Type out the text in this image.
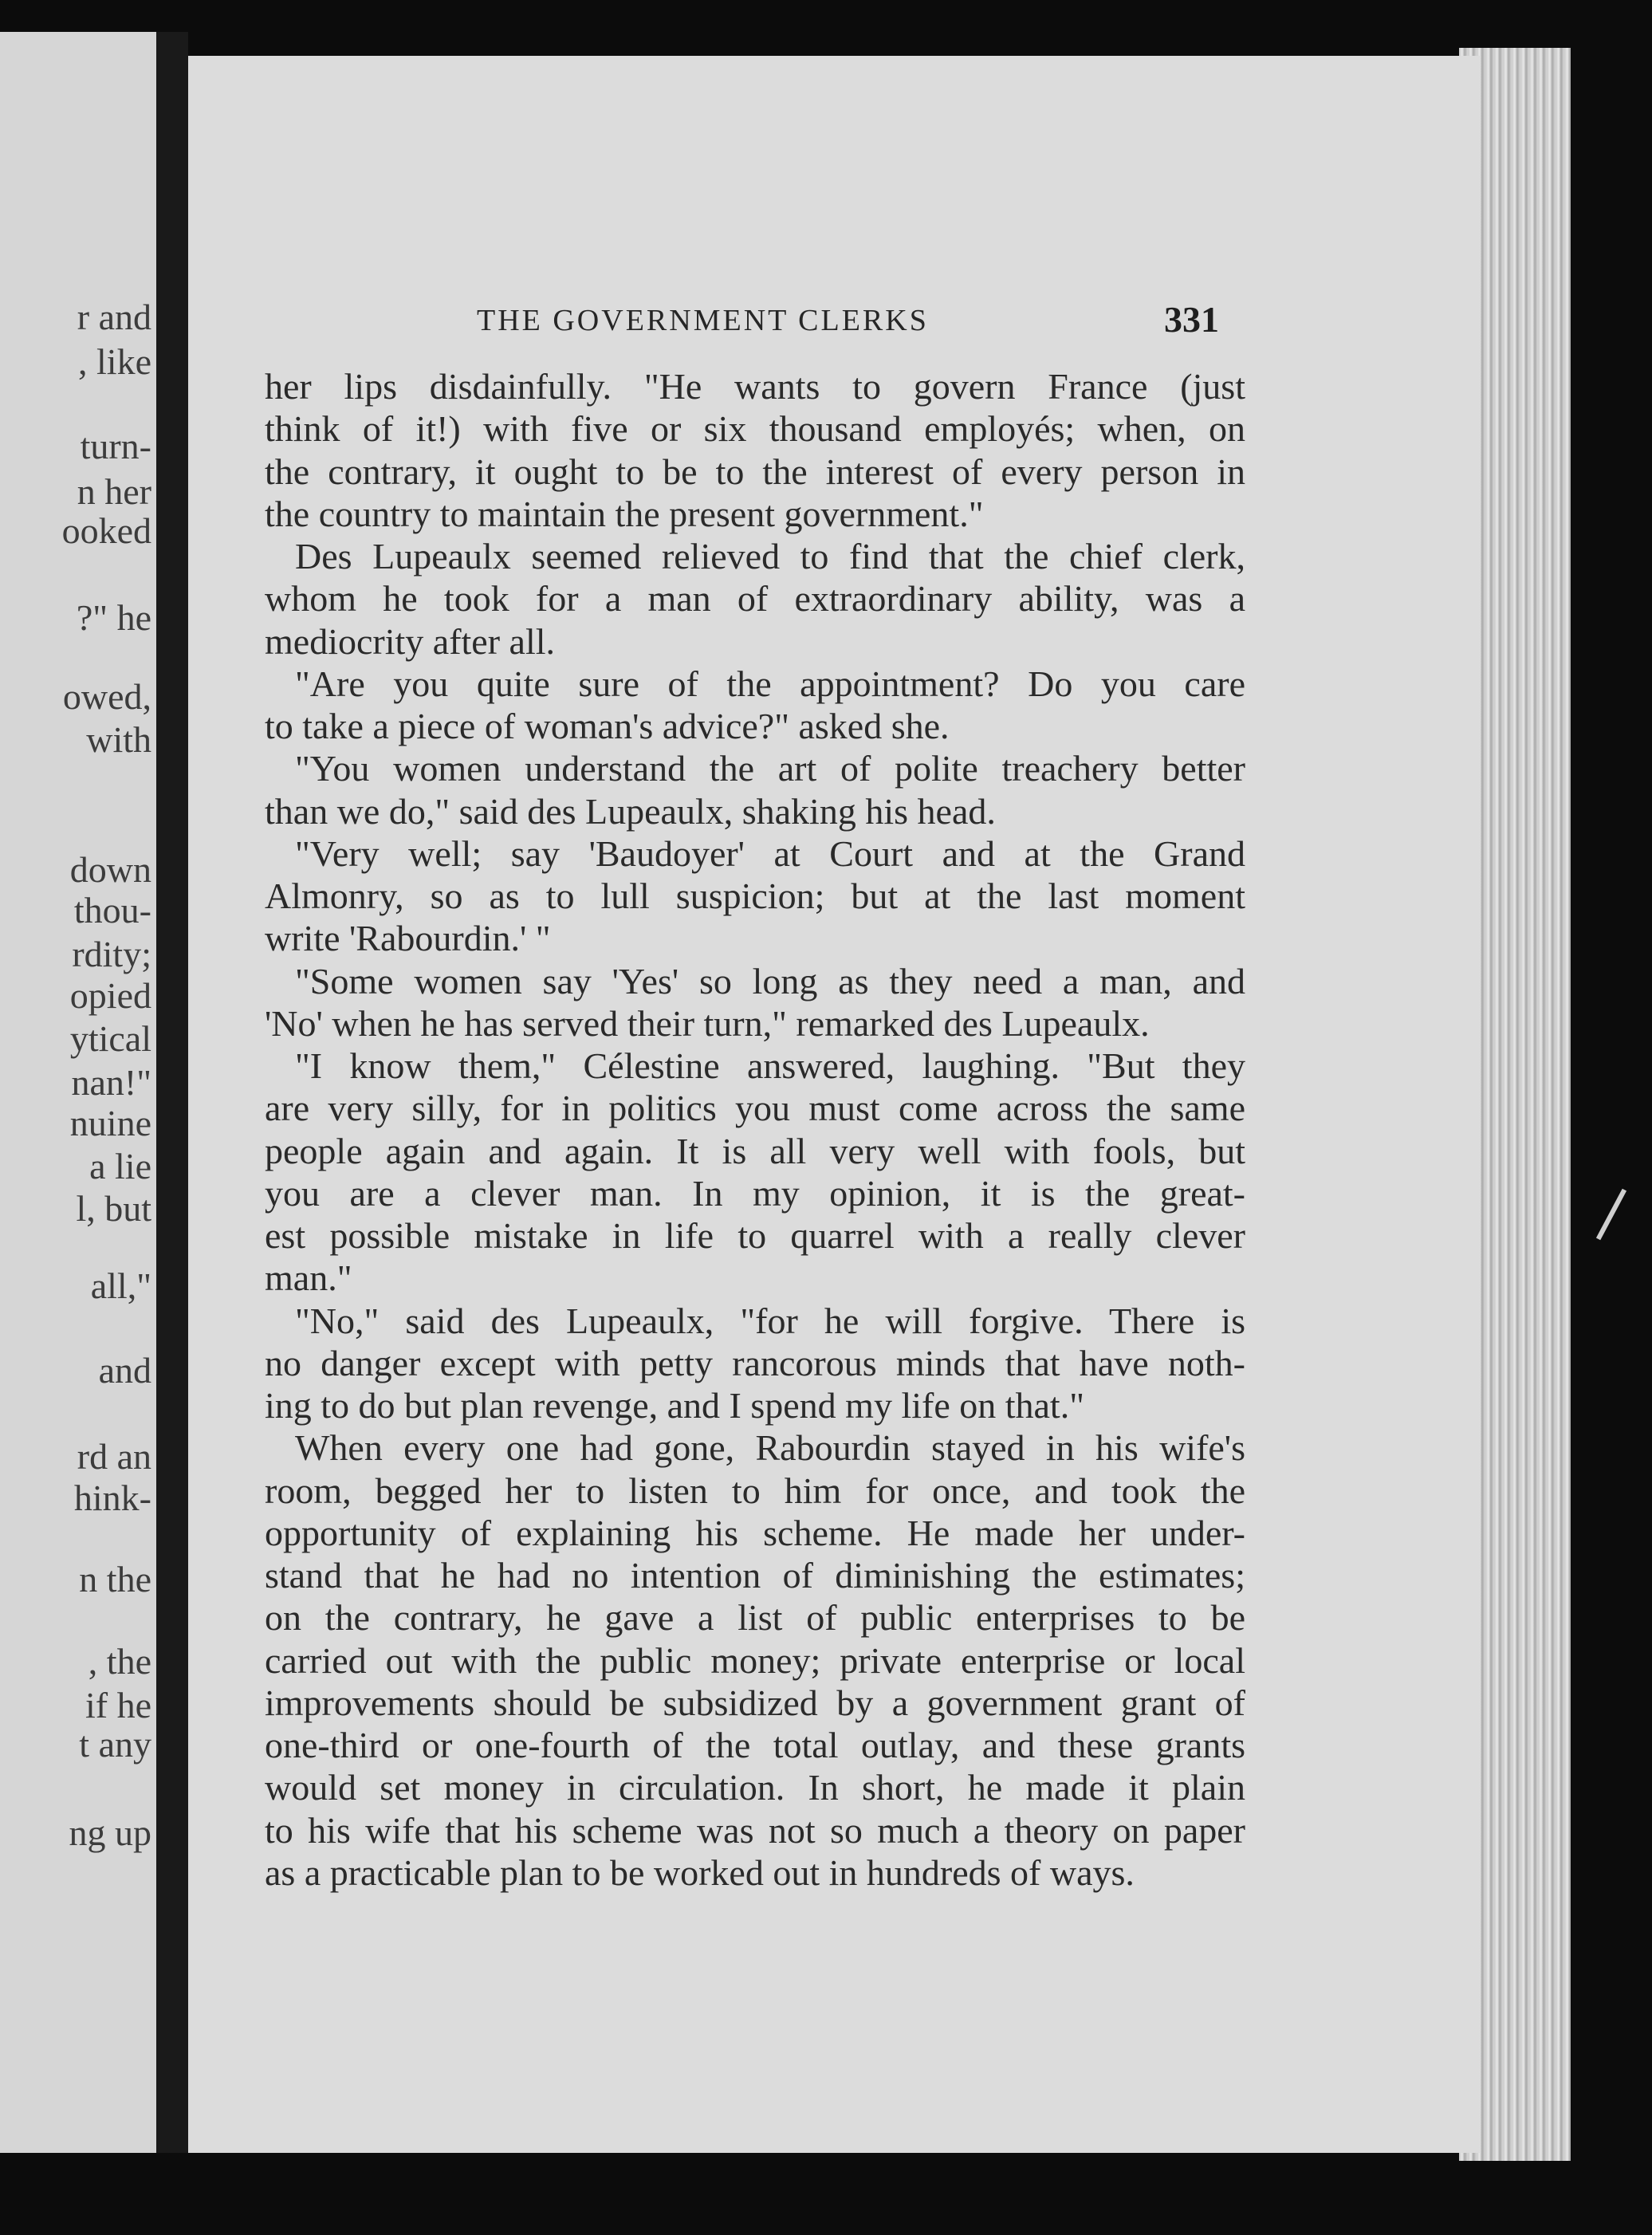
r and
, like
turn-
n her
ooked
?" he
owed,
with
down
thou-
rdity;
opied
ytical
nan!"
nuine
a lie
l, but
all,"
and
rd an
hink-
n the
, the
if he
t any
ng up
THE GOVERNMENT CLERKS	331
her lips disdainfully. "He wants to govern France (just
think of it!) with five or six thousand employés; when, on
the contrary, it ought to be to the interest of every person in
the country to maintain the present government."
Des Lupeaulx seemed relieved to find that the chief clerk,
whom he took for a man of extraordinary ability, was a
mediocrity after all.
"Are you quite sure of the appointment? Do you care
to take a piece of woman's advice?" asked she.
"You women understand the art of polite treachery better
than we do," said des Lupeaulx, shaking his head.
"Very well; say 'Baudoyer' at Court and at the Grand
Almonry, so as to lull suspicion; but at the last moment
write 'Rabourdin.' "
"Some women say 'Yes' so long as they need a man, and
'No' when he has served their turn," remarked des Lupeaulx.
"I know them," Célestine answered, laughing. "But they
are very silly, for in politics you must come across the same
people again and again. It is all very well with fools, but
you are a clever man. In my opinion, it is the great-
est possible mistake in life to quarrel with a really clever
man."
"No," said des Lupeaulx, "for he will forgive. There is
no danger except with petty rancorous minds that have noth-
ing to do but plan revenge, and I spend my life on that."
When every one had gone, Rabourdin stayed in his wife's
room, begged her to listen to him for once, and took the
opportunity of explaining his scheme. He made her under-
stand that he had no intention of diminishing the estimates;
on the contrary, he gave a list of public enterprises to be
carried out with the public money; private enterprise or local
improvements should be subsidized by a government grant of
one-third or one-fourth of the total outlay, and these grants
would set money in circulation. In short, he made it plain
to his wife that his scheme was not so much a theory on paper
as a practicable plan to be worked out in hundreds of ways.
